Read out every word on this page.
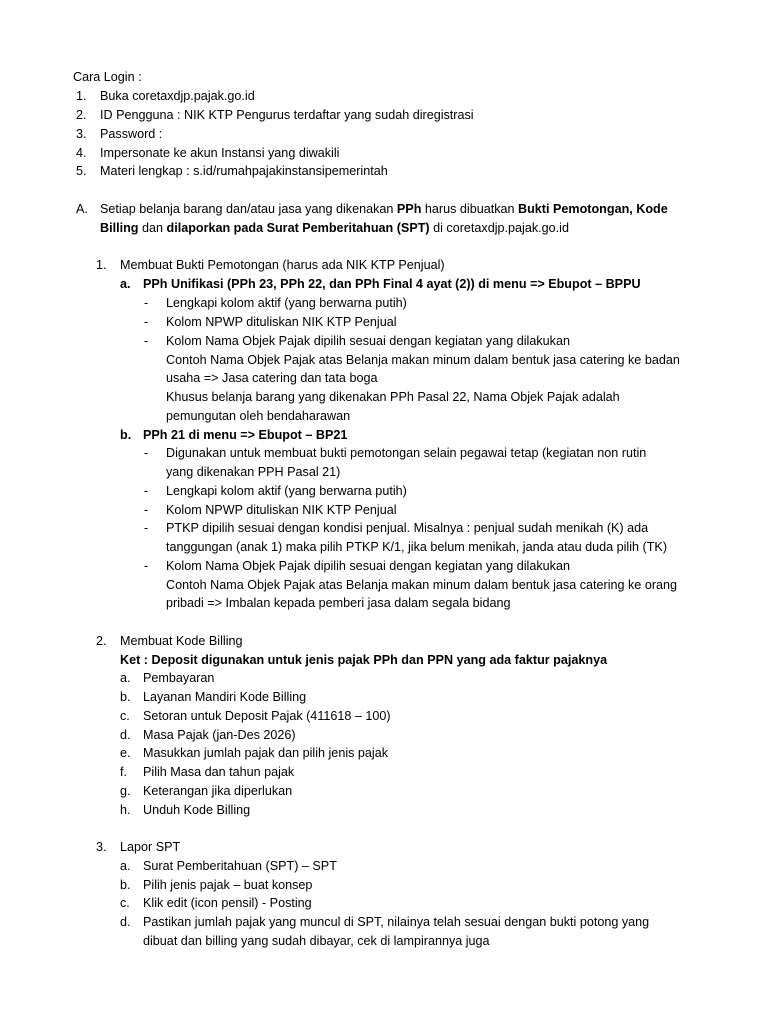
Cara Login :
1. Buka coretaxdjp.pajak.go.id
2. ID Pengguna : NIK KTP Pengurus terdaftar yang sudah diregistrasi
3. Password :
4. Impersonate ke akun Instansi yang diwakili
5. Materi lengkap : s.id/rumahpajakinstansipemerintah
A. Setiap belanja barang dan/atau jasa yang dikenakan PPh harus dibuatkan Bukti Pemotongan, Kode
Billing dan dilaporkan pada Surat Pemberitahuan (SPT) di coretaxdjp.pajak.go.id
1. Membuat Bukti Pemotongan (harus ada NIK KTP Penjual)
a. PPh Unifikasi (PPh 23, PPh 22, dan PPh Final 4 ayat (2)) di menu => Ebupot – BPPU
- Lengkapi kolom aktif (yang berwarna putih)
- Kolom NPWP dituliskan NIK KTP Penjual
- Kolom Nama Objek Pajak dipilih sesuai dengan kegiatan yang dilakukan
Contoh Nama Objek Pajak atas Belanja makan minum dalam bentuk jasa catering ke badan
usaha => Jasa catering dan tata boga
Khusus belanja barang yang dikenakan PPh Pasal 22, Nama Objek Pajak adalah
pemungutan oleh bendaharawan
b. PPh 21 di menu => Ebupot – BP21
- Digunakan untuk membuat bukti pemotongan selain pegawai tetap (kegiatan non rutin
yang dikenakan PPH Pasal 21)
- Lengkapi kolom aktif (yang berwarna putih)
- Kolom NPWP dituliskan NIK KTP Penjual
- PTKP dipilih sesuai dengan kondisi penjual. Misalnya : penjual sudah menikah (K) ada
tanggungan (anak 1) maka pilih PTKP K/1, jika belum menikah, janda atau duda pilih (TK)
- Kolom Nama Objek Pajak dipilih sesuai dengan kegiatan yang dilakukan
Contoh Nama Objek Pajak atas Belanja makan minum dalam bentuk jasa catering ke orang
pribadi => Imbalan kepada pemberi jasa dalam segala bidang
2. Membuat Kode Billing
Ket : Deposit digunakan untuk jenis pajak PPh dan PPN yang ada faktur pajaknya
a. Pembayaran
b. Layanan Mandiri Kode Billing
c. Setoran untuk Deposit Pajak (411618 – 100)
d. Masa Pajak (jan-Des 2026)
e. Masukkan jumlah pajak dan pilih jenis pajak
f. Pilih Masa dan tahun pajak
g. Keterangan jika diperlukan
h. Unduh Kode Billing
3. Lapor SPT
a. Surat Pemberitahuan (SPT) – SPT
b. Pilih jenis pajak – buat konsep
c. Klik edit (icon pensil) - Posting
d. Pastikan jumlah pajak yang muncul di SPT, nilainya telah sesuai dengan bukti potong yang
dibuat dan billing yang sudah dibayar, cek di lampirannya juga
